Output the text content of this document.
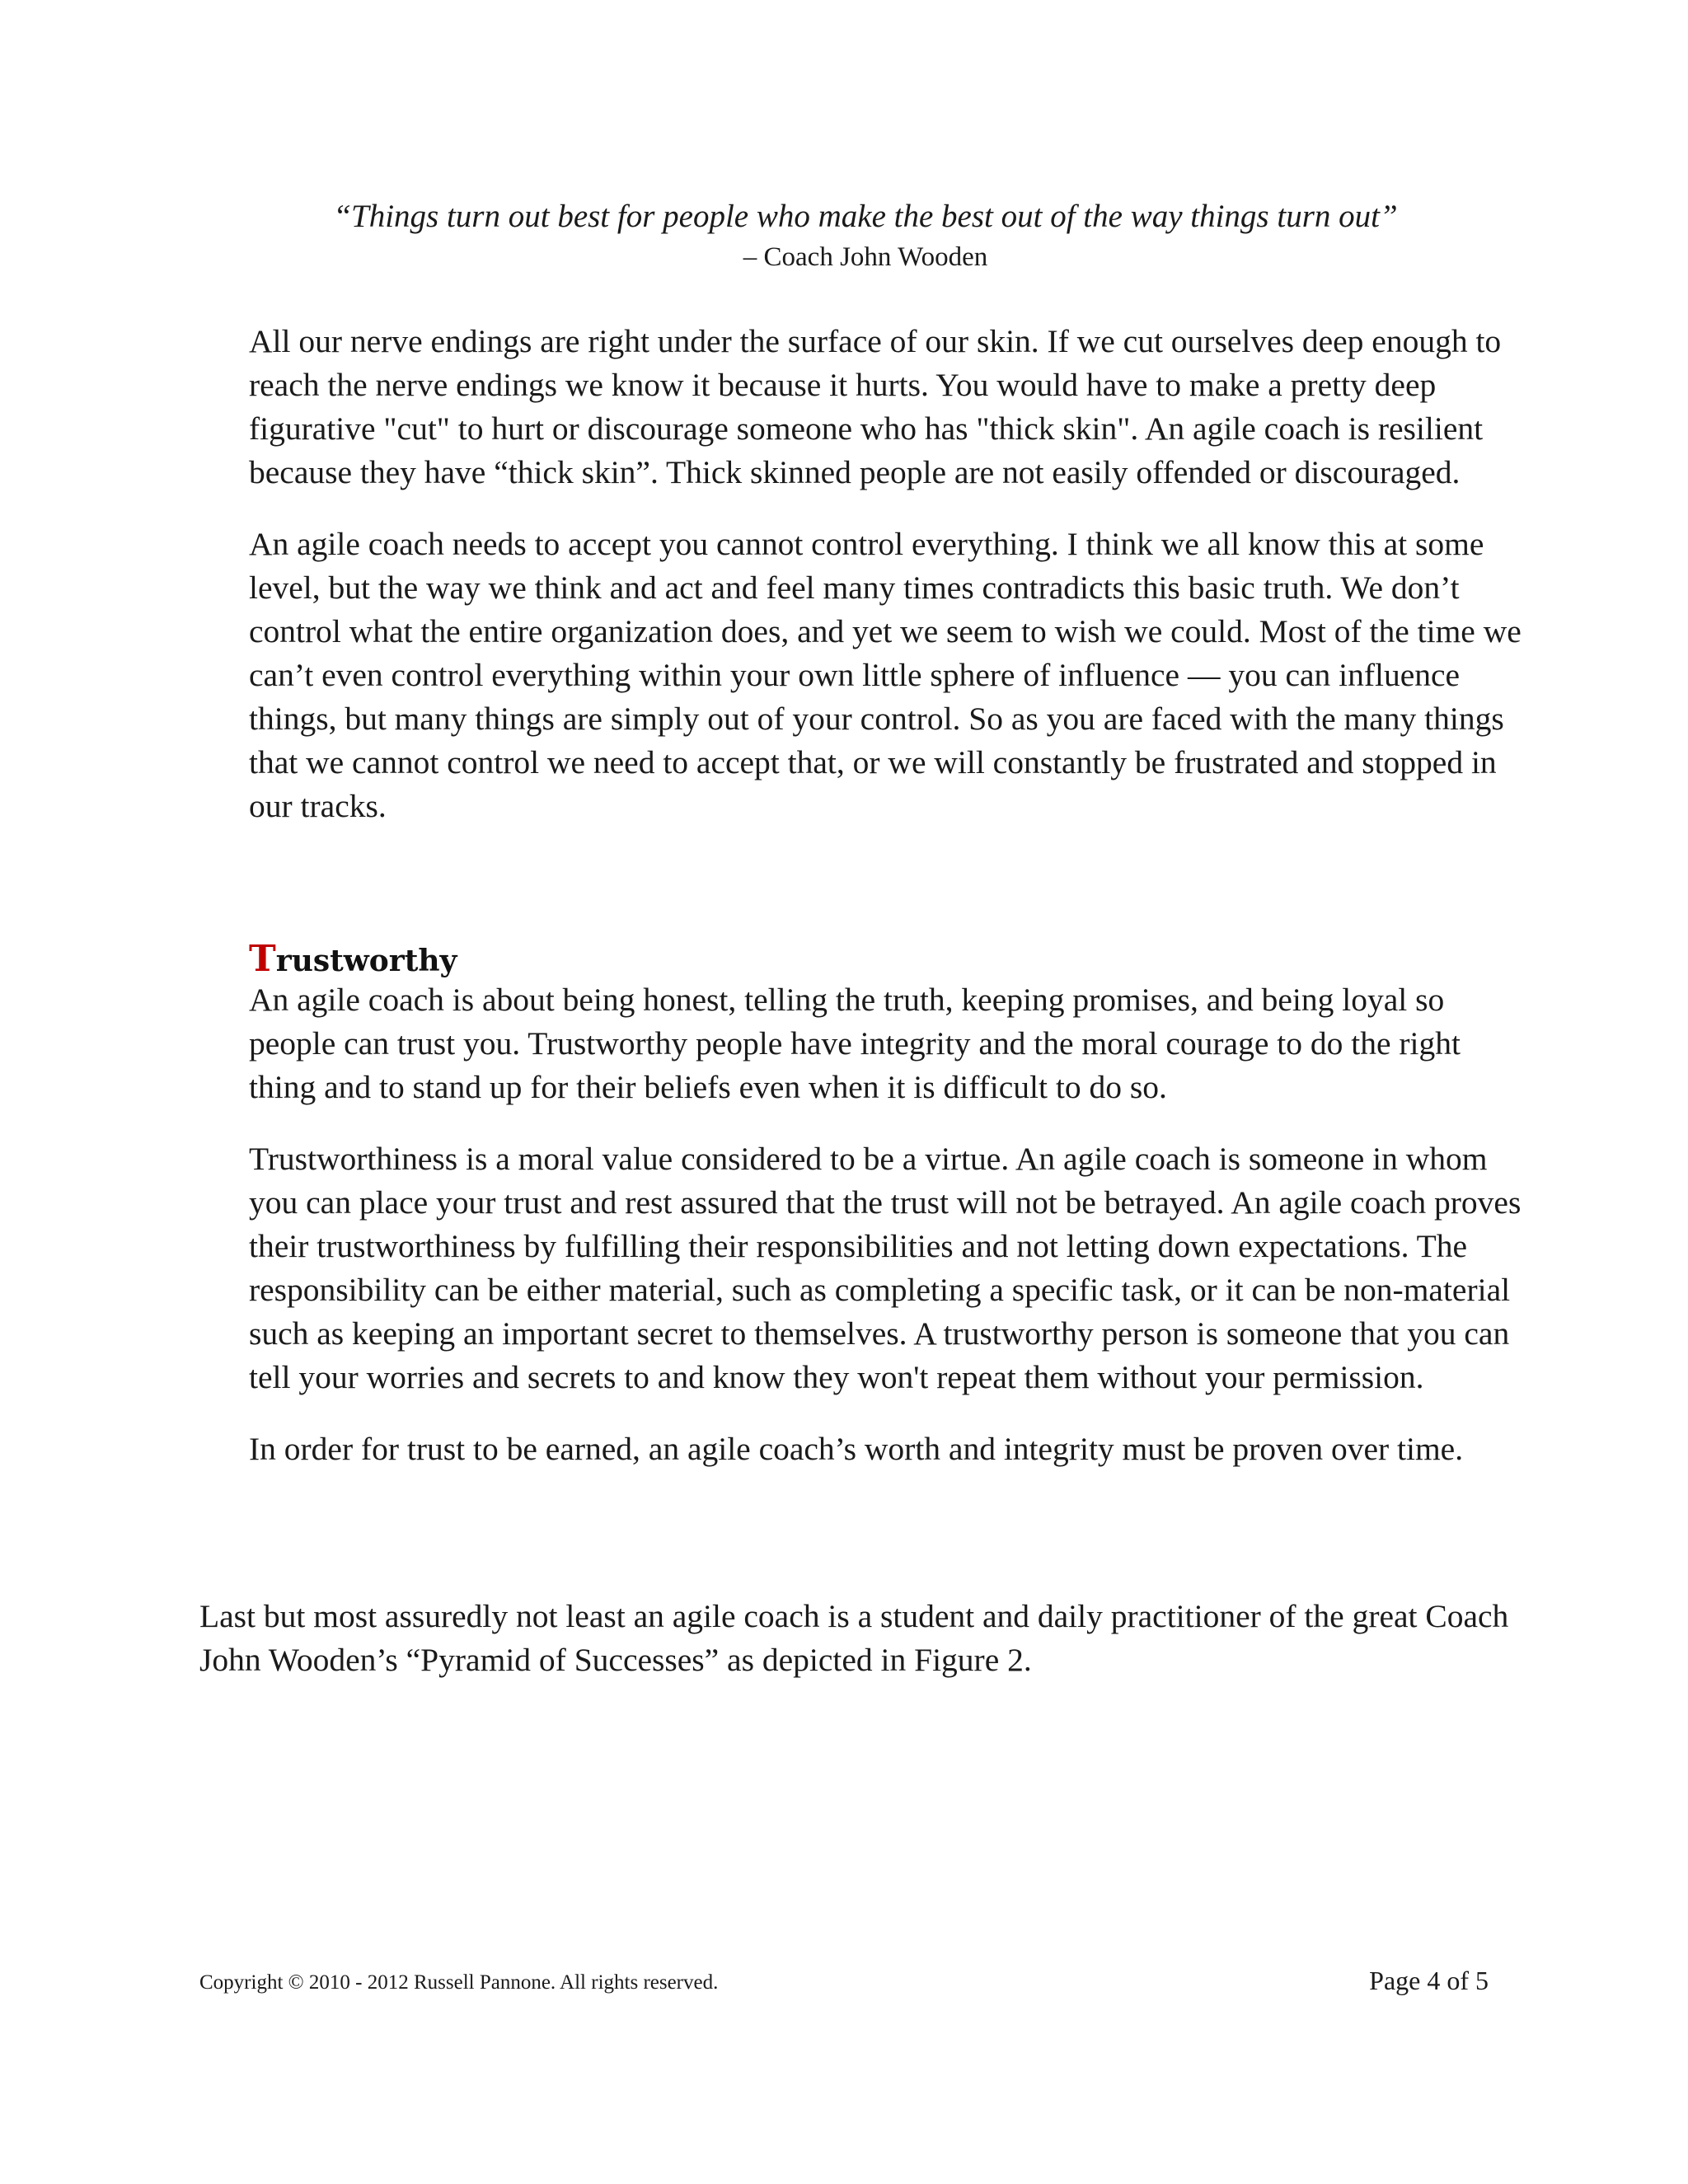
“Things turn out best for people who make the best out of the way things turn out”
– Coach John Wooden

All our nerve endings are right under the surface of our skin. If we cut ourselves deep enough to reach the nerve endings we know it because it hurts. You would have to make a pretty deep figurative "cut" to hurt or discourage someone who has "thick skin". An agile coach is resilient because they have “thick skin”. Thick skinned people are not easily offended or discouraged.

An agile coach needs to accept you cannot control everything. I think we all know this at some level, but the way we think and act and feel many times contradicts this basic truth. We don’t control what the entire organization does, and yet we seem to wish we could. Most of the time we can’t even control everything within your own little sphere of influence — you can influence things, but many things are simply out of your control. So as you are faced with the many things that we cannot control we need to accept that, or we will constantly be frustrated and stopped in our tracks.

Trustworthy

An agile coach is about being honest, telling the truth, keeping promises, and being loyal so people can trust you. Trustworthy people have integrity and the moral courage to do the right thing and to stand up for their beliefs even when it is difficult to do so.

Trustworthiness is a moral value considered to be a virtue. An agile coach is someone in whom you can place your trust and rest assured that the trust will not be betrayed. An agile coach proves their trustworthiness by fulfilling their responsibilities and not letting down expectations. The responsibility can be either material, such as completing a specific task, or it can be non-material such as keeping an important secret to themselves. A trustworthy person is someone that you can tell your worries and secrets to and know they won't repeat them without your permission.

In order for trust to be earned, an agile coach’s worth and integrity must be proven over time.

Last but most assuredly not least an agile coach is a student and daily practitioner of the great Coach John Wooden’s “Pyramid of Successes” as depicted in Figure 2.

Copyright © 2010 - 2012 Russell Pannone. All rights reserved.	Page 4 of 5
